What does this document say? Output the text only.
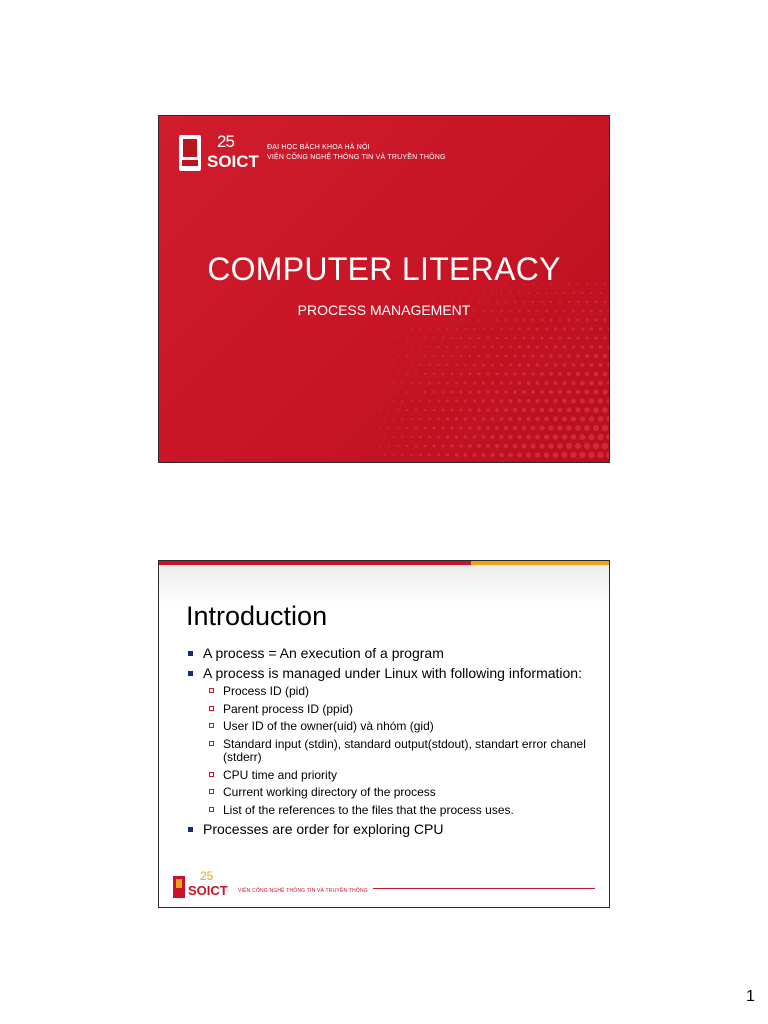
25
SOICT
ĐẠI HỌC BÁCH KHOA HÀ NỘI
VIỆN CÔNG NGHỆ THÔNG TIN VÀ TRUYỀN THÔNG
COMPUTER LITERACY
PROCESS MANAGEMENT
Introduction
A process = An execution of a program
A process is managed under Linux with following information:
Process ID (pid)
Parent process ID (ppid)
User ID of the owner(uid) và nhóm (gid)
Standard input (stdin), standard output(stdout), standart error chanel (stderr)
CPU time and priority
Current working directory of the process
List of the references to the files that the process uses.
Processes are order for exploring CPU
25
SOICT VIỆN CÔNG NGHỆ THÔNG TIN VÀ TRUYỀN THÔNG
1
